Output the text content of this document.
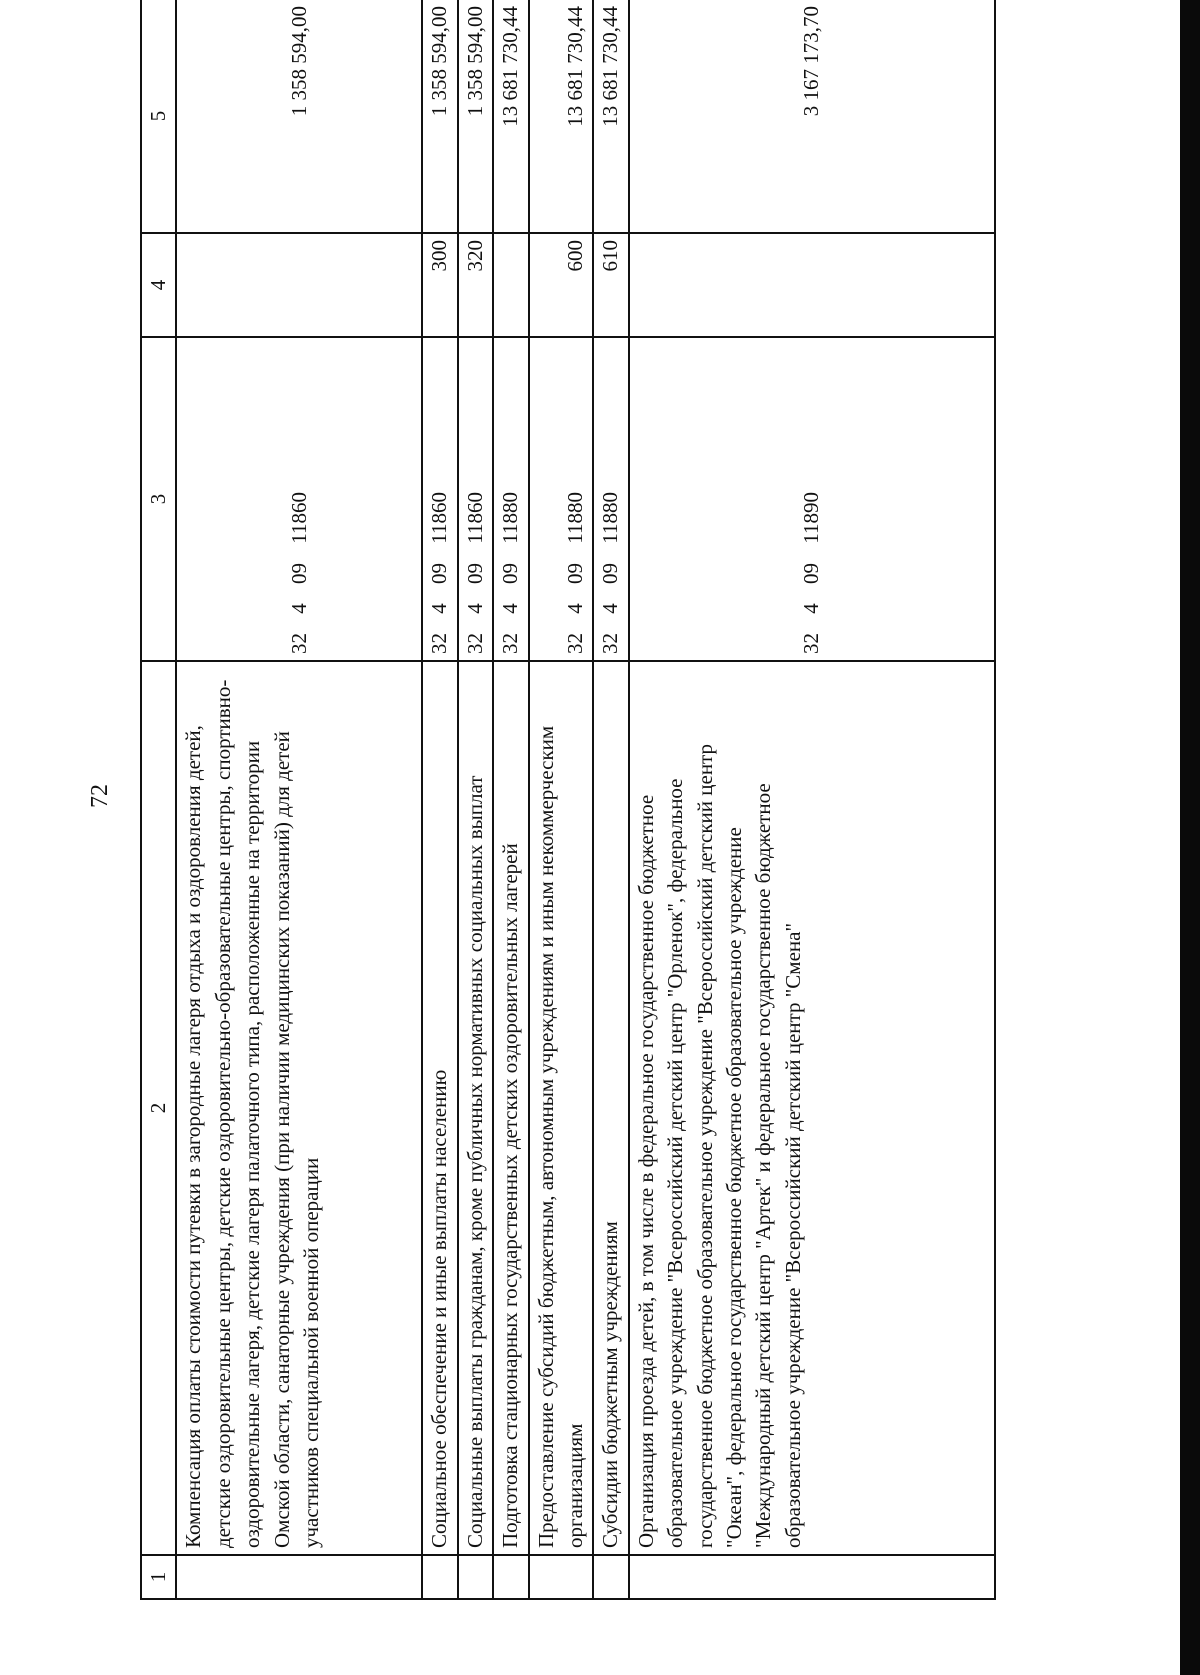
72
1	2	3	4	5
	Компенсация оплаты стоимости путевки в загородные лагеря отдыха и оздоровления детей, детские оздоровительные центры, детские оздоровительно-образовательные центры, спортивно-оздоровительные лагеря, детские лагеря палаточного типа, расположенные на территории Омской области, санаторные учреждения (при наличии медицинских показаний) для детей участников специальной военной операции	32 4 09 11860		1 358 594,00
	Социальное обеспечение и иные выплаты населению	32 4 09 11860	300	1 358 594,00
	Социальные выплаты гражданам, кроме публичных нормативных социальных выплат	32 4 09 11860	320	1 358 594,00
	Подготовка стационарных государственных детских оздоровительных лагерей	32 4 09 11880		13 681 730,44
	Предоставление субсидий бюджетным, автономным учреждениям и иным некоммерческим организациям	32 4 09 11880	600	13 681 730,44
	Субсидии бюджетным учреждениям	32 4 09 11880	610	13 681 730,44
	Организация проезда детей, в том числе в федеральное государственное бюджетное образовательное учреждение "Всероссийский детский центр "Орленок", федеральное государственное бюджетное образовательное учреждение "Всероссийский детский центр "Океан", федеральное государственное бюджетное образовательное учреждение "Международный детский центр "Артек" и федеральное государственное бюджетное образовательное учреждение "Всероссийский детский центр "Смена"	32 4 09 11890		3 167 173,70
